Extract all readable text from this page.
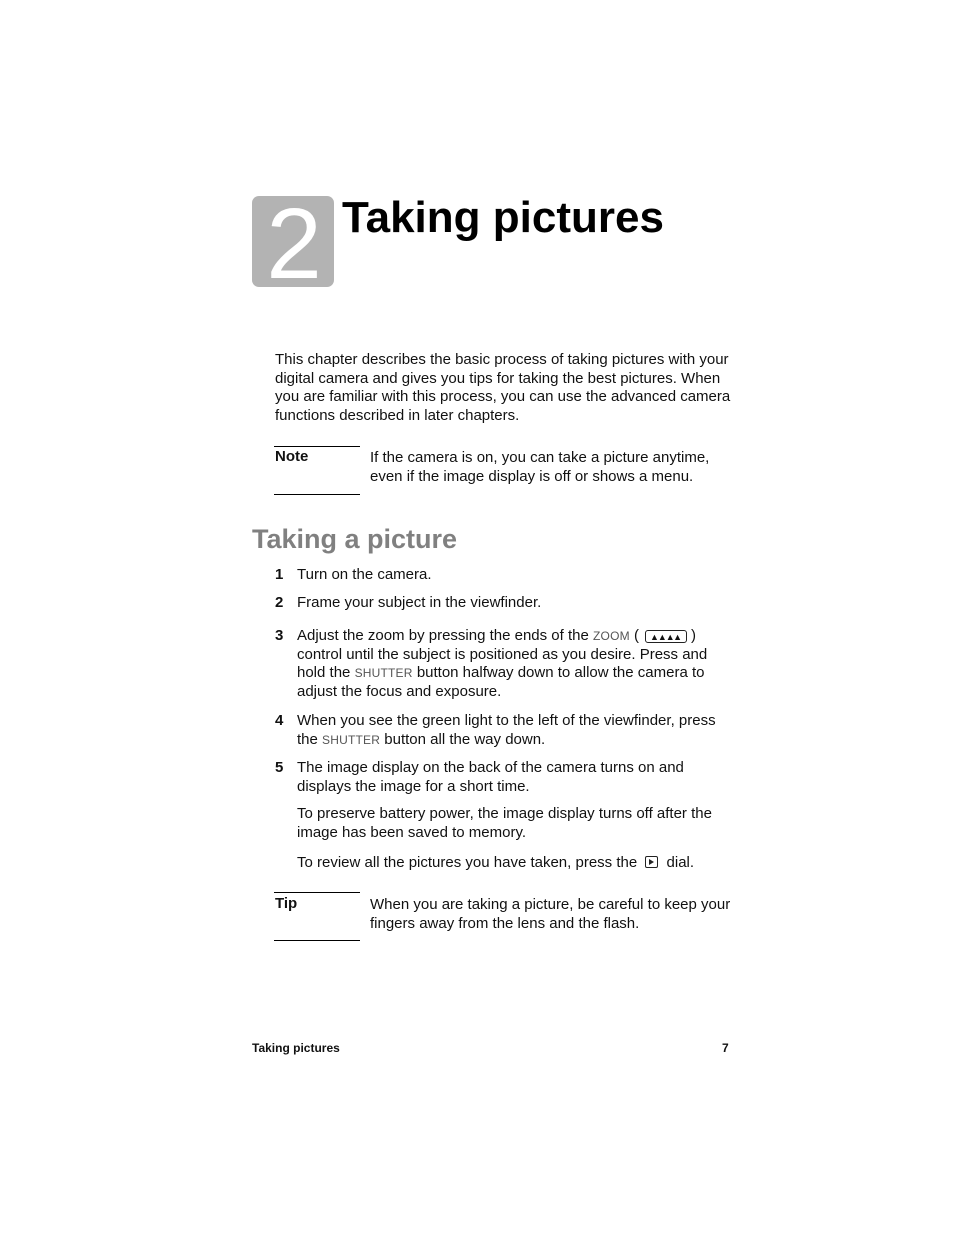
2 Taking pictures

This chapter describes the basic process of taking pictures with your digital camera and gives you tips for taking the best pictures. When you are familiar with this process, you can use the advanced camera functions described in later chapters.

Note	If the camera is on, you can take a picture anytime, even if the image display is off or shows a menu.
Taking a picture
1 Turn on the camera.
2 Frame your subject in the viewfinder.
3 Adjust the zoom by pressing the ends of the ZOOM ( ▲▲▲ ▲ ) control until the subject is positioned as you desire. Press and hold the SHUTTER button halfway down to allow the camera to adjust the focus and exposure.
4 When you see the green light to the left of the viewfinder, press the SHUTTER button all the way down.
5 The image display on the back of the camera turns on and displays the image for a short time.
To preserve battery power, the image display turns off after the image has been saved to memory.
To review all the pictures you have taken, press the dial.
Tip	When you are taking a picture, be careful to keep your fingers away from the lens and the flash.
Taking pictures	7
